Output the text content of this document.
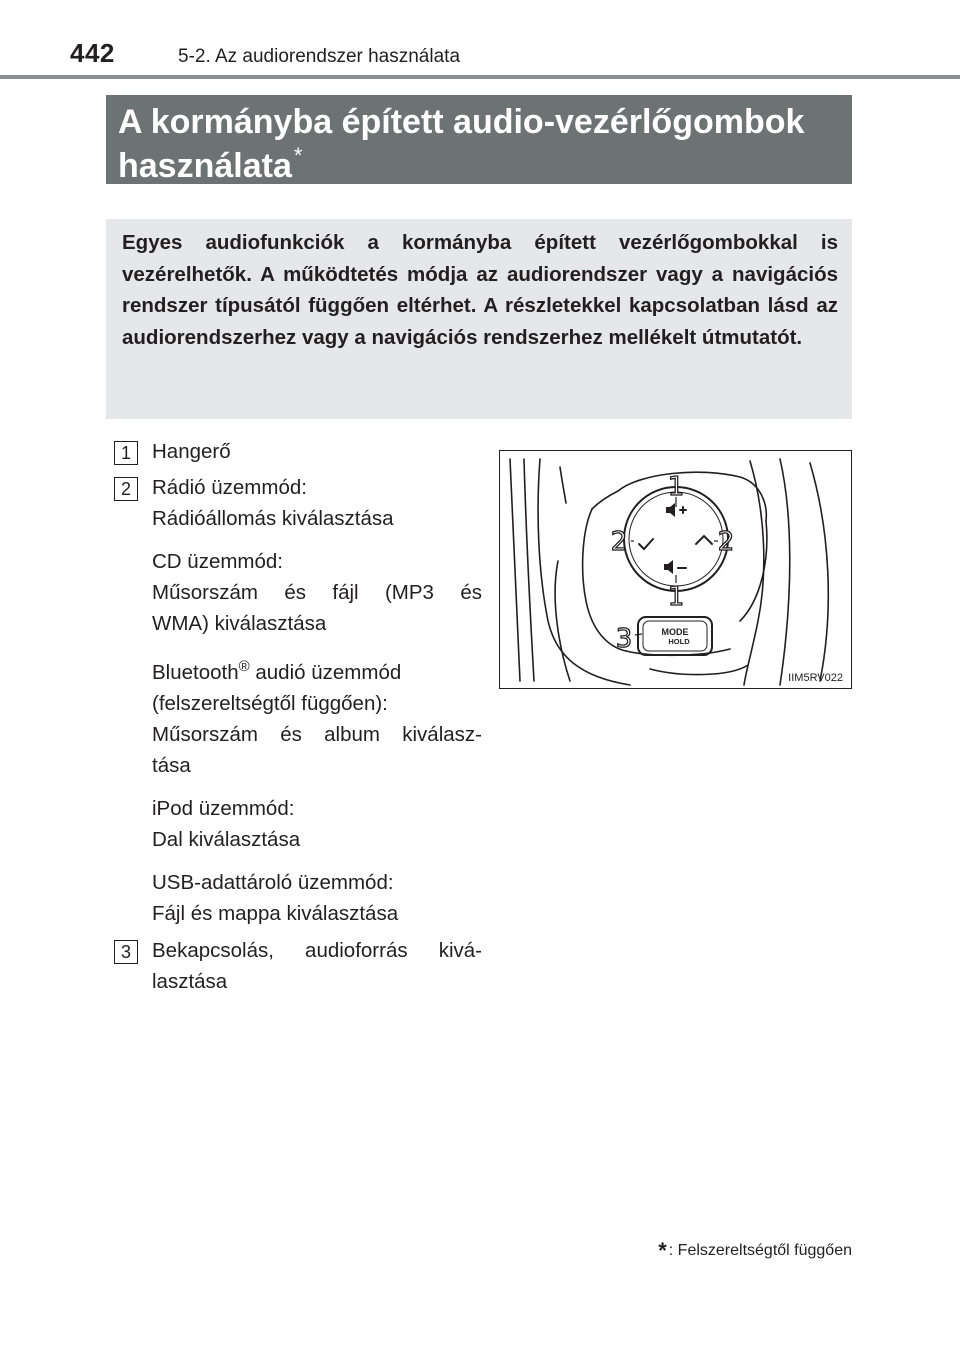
442	5-2. Az audiorendszer használata
A kormányba épített audio-vezérlőgombok
használata*
Egyes audiofunkciók a kormányba épített vezérlőgombokkal is vezérelhetők. A működtetés módja az audiorendszer vagy a navigációs rendszer típusától függően eltérhet. A részletekkel kapcsolatban lásd az audiorendszerhez vagy a navigációs rendszerhez mellékelt útmutatót.
1	Hangerő

2	Rádió üzemmód:

Rádióállomás kiválasztása

CD üzemmód:

Műsorszám és fájl (MP3 és

WMA) kiválasztása

Bluetooth® audió üzemmód

(felszereltségtől függően):

Műsorszám és album kiválasz-

tása

iPod üzemmód:

Dal kiválasztása

USB-adattároló üzemmód:

Fájl és mappa kiválasztása

3	Bekapcsolás, audioforrás kivá-

lasztása

1
1
2	2
3	MODE
HOLD
IIM5RV022
* : Felszereltségtől függően
